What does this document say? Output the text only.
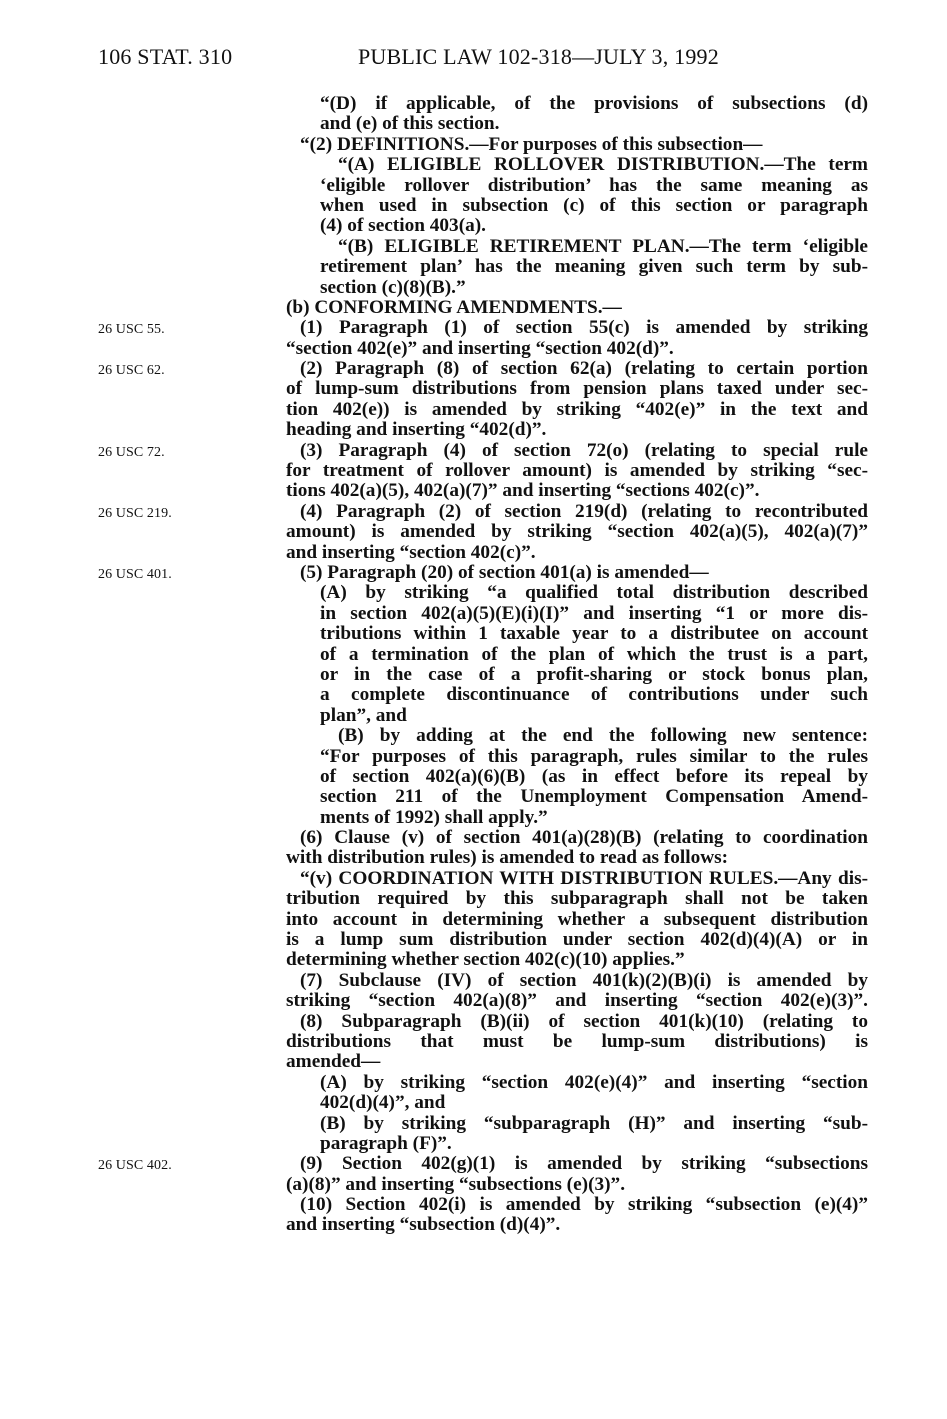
106 STAT. 310	PUBLIC LAW 102-318—JULY 3, 1992
“(D) if applicable, of the provisions of subsections (d)
and (e) of this section.
“(2) DEFINITIONS.—For purposes of this subsection—
“(A) ELIGIBLE ROLLOVER DISTRIBUTION.—The term
‘eligible rollover distribution’ has the same meaning as
when used in subsection (c) of this section or paragraph
(4) of section 403(a).
“(B) ELIGIBLE RETIREMENT PLAN.—The term ‘eligible
retirement plan’ has the meaning given such term by sub-
section (c)(8)(B).”
(b) CONFORMING AMENDMENTS.—
26 USC 55.	(1) Paragraph (1) of section 55(c) is amended by striking
“section 402(e)” and inserting “section 402(d)”.
26 USC 62.	(2) Paragraph (8) of section 62(a) (relating to certain portion
of lump-sum distributions from pension plans taxed under sec-
tion 402(e)) is amended by striking “402(e)” in the text and
heading and inserting “402(d)”.
26 USC 72.	(3) Paragraph (4) of section 72(o) (relating to special rule
for treatment of rollover amount) is amended by striking “sec-
tions 402(a)(5), 402(a)(7)” and inserting “sections 402(c)”.
26 USC 219.	(4) Paragraph (2) of section 219(d) (relating to recontributed
amount) is amended by striking “section 402(a)(5), 402(a)(7)”
and inserting “section 402(c)”.
26 USC 401.	(5) Paragraph (20) of section 401(a) is amended—
(A) by striking “a qualified total distribution described
in section 402(a)(5)(E)(i)(I)” and inserting “1 or more dis-
tributions within 1 taxable year to a distributee on account
of a termination of the plan of which the trust is a part,
or in the case of a profit-sharing or stock bonus plan,
a complete discontinuance of contributions under such
plan”, and
(B) by adding at the end the following new sentence:
“For purposes of this paragraph, rules similar to the rules
of section 402(a)(6)(B) (as in effect before its repeal by
section 211 of the Unemployment Compensation Amend-
ments of 1992) shall apply.”
(6) Clause (v) of section 401(a)(28)(B) (relating to coordination
with distribution rules) is amended to read as follows:
“(v) COORDINATION WITH DISTRIBUTION RULES.—Any dis-
tribution required by this subparagraph shall not be taken
into account in determining whether a subsequent distribution
is a lump sum distribution under section 402(d)(4)(A) or in
determining whether section 402(c)(10) applies.”
(7) Subclause (IV) of section 401(k)(2)(B)(i) is amended by
striking “section 402(a)(8)” and inserting “section 402(e)(3)”.
(8) Subparagraph (B)(ii) of section 401(k)(10) (relating to
distributions that must be lump-sum distributions) is
amended—
(A) by striking “section 402(e)(4)” and inserting “section
402(d)(4)”, and
(B) by striking “subparagraph (H)” and inserting “sub-
paragraph (F)”.
26 USC 402.	(9) Section 402(g)(1) is amended by striking “subsections
(a)(8)” and inserting “subsections (e)(3)”.
(10) Section 402(i) is amended by striking “subsection (e)(4)”
and inserting “subsection (d)(4)”.
